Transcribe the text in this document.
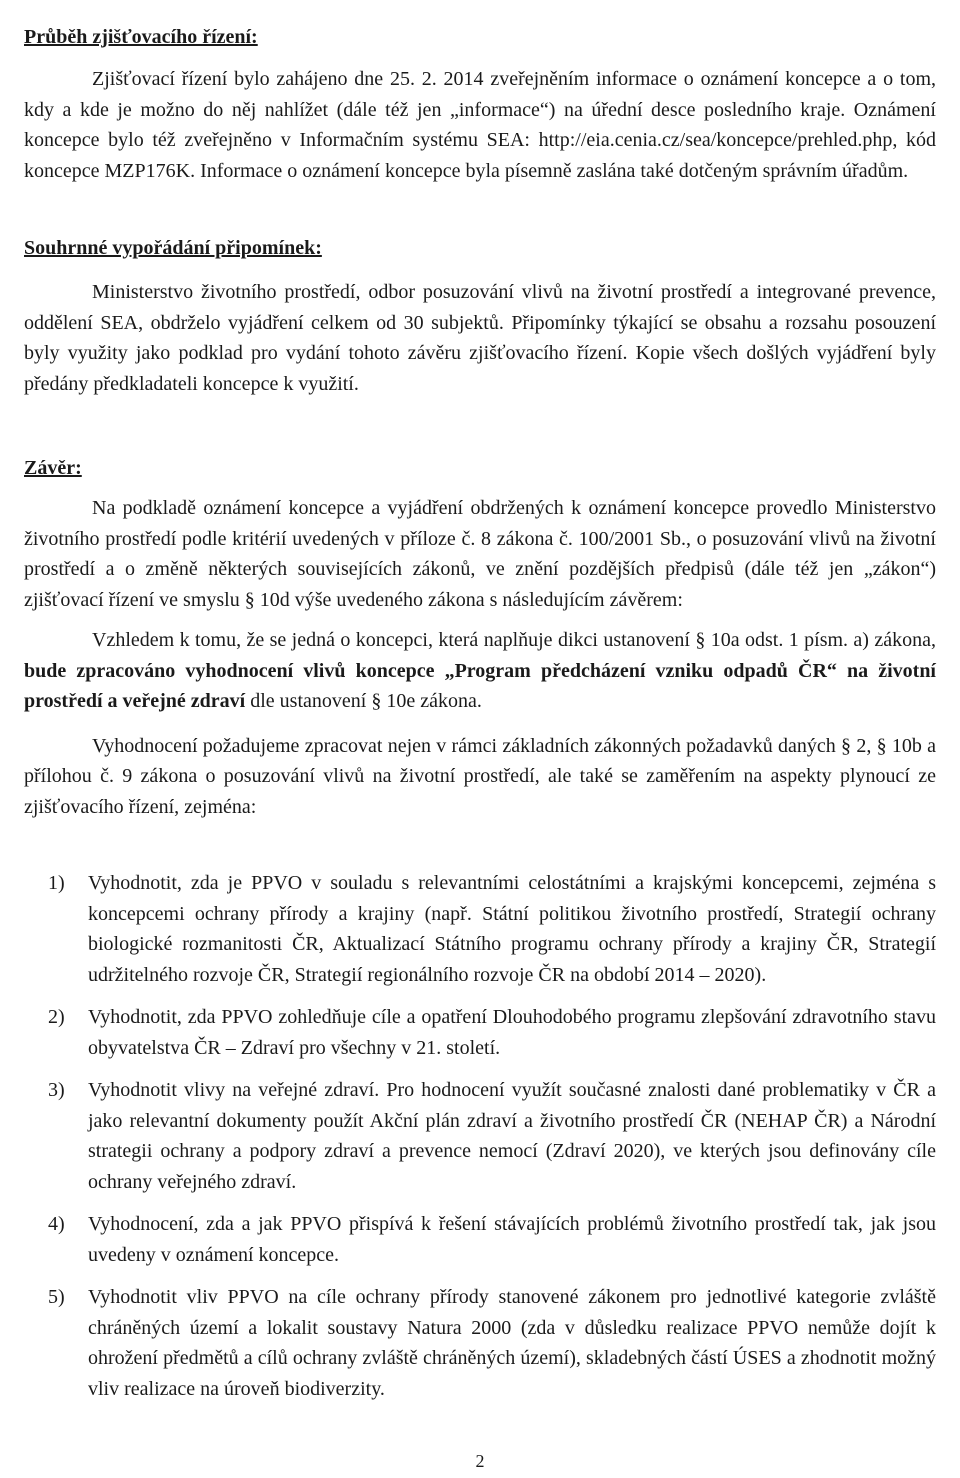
Průběh zjišťovacího řízení:

Zjišťovací řízení bylo zahájeno dne 25. 2. 2014 zveřejněním informace o oznámení koncepce a o tom, kdy a kde je možno do něj nahlížet (dále též jen „informace“) na úřední desce posledního kraje. Oznámení koncepce bylo též zveřejněno v Informačním systému SEA: http://eia.cenia.cz/sea/koncepce/prehled.php, kód koncepce MZP176K. Informace o oznámení koncepce byla písemně zaslána také dotčeným správním úřadům.

Souhrnné vypořádání připomínek:

Ministerstvo životního prostředí, odbor posuzování vlivů na životní prostředí a integrované prevence, oddělení SEA, obdrželo vyjádření celkem od 30 subjektů. Připomínky týkající se obsahu a rozsahu posouzení byly využity jako podklad pro vydání tohoto závěru zjišťovacího řízení. Kopie všech došlých vyjádření byly předány předkladateli koncepce k využití.

Závěr:

Na podkladě oznámení koncepce a vyjádření obdržených k oznámení koncepce provedlo Ministerstvo životního prostředí podle kritérií uvedených v příloze č. 8 zákona č. 100/2001 Sb., o posuzování vlivů na životní prostředí a o změně některých souvisejících zákonů, ve znění pozdějších předpisů (dále též jen „zákon“) zjišťovací řízení ve smyslu § 10d výše uvedeného zákona s následujícím závěrem:

Vzhledem k tomu, že se jedná o koncepci, která naplňuje dikci ustanovení § 10a odst. 1 písm. a) zákona, bude zpracováno vyhodnocení vlivů koncepce „Program předcházení vzniku odpadů ČR“ na životní prostředí a veřejné zdraví dle ustanovení § 10e zákona.

Vyhodnocení požadujeme zpracovat nejen v rámci základních zákonných požadavků daných § 2, § 10b a přílohou č. 9 zákona o posuzování vlivů na životní prostředí, ale také se zaměřením na aspekty plynoucí ze zjišťovacího řízení, zejména:

1) Vyhodnotit, zda je PPVO v souladu s relevantními celostátními a krajskými koncepcemi, zejména s koncepcemi ochrany přírody a krajiny (např. Státní politikou životního prostředí, Strategií ochrany biologické rozmanitosti ČR, Aktualizací Státního programu ochrany přírody a krajiny ČR, Strategií udržitelného rozvoje ČR, Strategií regionálního rozvoje ČR na období 2014 – 2020).
2) Vyhodnotit, zda PPVO zohledňuje cíle a opatření Dlouhodobého programu zlepšování zdravotního stavu obyvatelstva ČR – Zdraví pro všechny v 21. století.
3) Vyhodnotit vlivy na veřejné zdraví. Pro hodnocení využít současné znalosti dané problematiky v ČR a jako relevantní dokumenty použít Akční plán zdraví a životního prostředí ČR (NEHAP ČR) a Národní strategii ochrany a podpory zdraví a prevence nemocí (Zdraví 2020), ve kterých jsou definovány cíle ochrany veřejného zdraví.
4) Vyhodnocení, zda a jak PPVO přispívá k řešení stávajících problémů životního prostředí tak, jak jsou uvedeny v oznámení koncepce.
5) Vyhodnotit vliv PPVO na cíle ochrany přírody stanovené zákonem pro jednotlivé kategorie zvláště chráněných území a lokalit soustavy Natura 2000 (zda v důsledku realizace PPVO nemůže dojít k ohrožení předmětů a cílů ochrany zvláště chráněných území), skladebných částí ÚSES a zhodnotit možný vliv realizace na úroveň biodiverzity.
2
